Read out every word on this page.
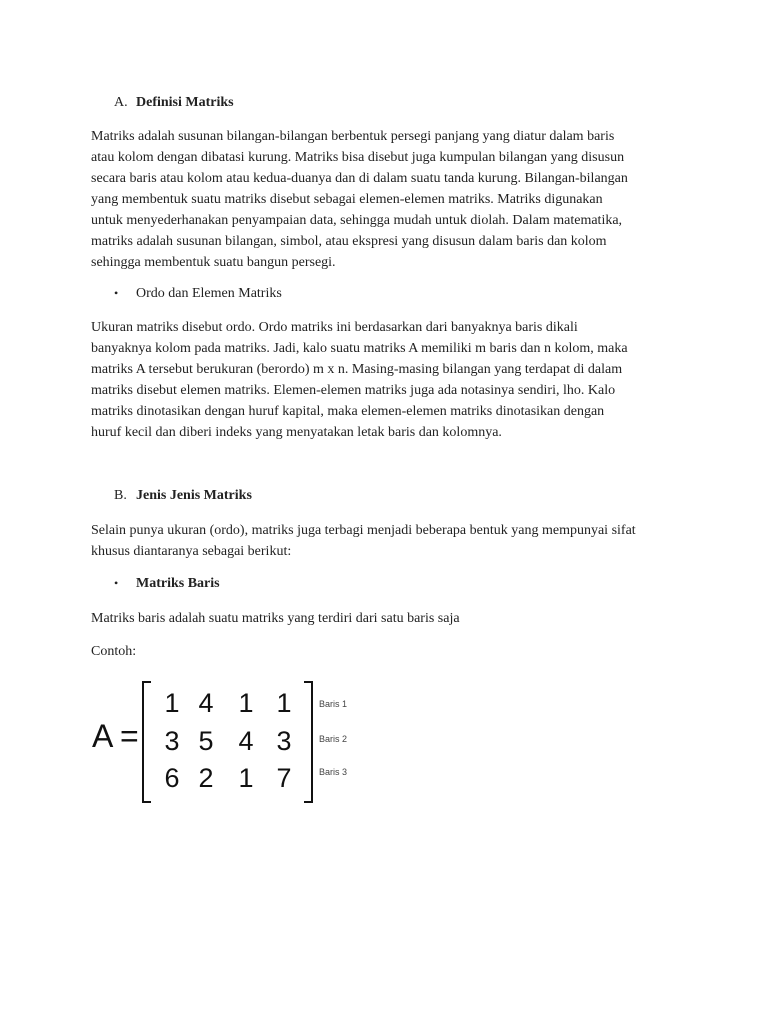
A. Definisi Matriks

Matriks adalah susunan bilangan-bilangan berbentuk persegi panjang yang diatur dalam baris
atau kolom dengan dibatasi kurung. Matriks bisa disebut juga kumpulan bilangan yang disusun
secara baris atau kolom atau kedua-duanya dan di dalam suatu tanda kurung. Bilangan-bilangan
yang membentuk suatu matriks disebut sebagai elemen-elemen matriks. Matriks digunakan
untuk menyederhanakan penyampaian data, sehingga mudah untuk diolah. Dalam matematika,
matriks adalah susunan bilangan, simbol, atau ekspresi yang disusun dalam baris dan kolom
sehingga membentuk suatu bangun persegi.

• Ordo dan Elemen Matriks

Ukuran matriks disebut ordo. Ordo matriks ini berdasarkan dari banyaknya baris dikali
banyaknya kolom pada matriks. Jadi, kalo suatu matriks A memiliki m baris dan n kolom, maka
matriks A tersebut berukuran (berordo) m x n. Masing-masing bilangan yang terdapat di dalam
matriks disebut elemen matriks. Elemen-elemen matriks juga ada notasinya sendiri, lho. Kalo
matriks dinotasikan dengan huruf kapital, maka elemen-elemen matriks dinotasikan dengan
huruf kecil dan diberi indeks yang menyatakan letak baris dan kolomnya.

B. Jenis Jenis Matriks

Selain punya ukuran (ordo), matriks juga terbagi menjadi beberapa bentuk yang mempunyai sifat
khusus diantaranya sebagai berikut:

• Matriks Baris
Matriks baris adalah suatu matriks yang terdiri dari satu baris saja
Contoh:
A =
1 4 1 1	Baris 1
3 5 4 3	Baris 2
6 2 1 7	Baris 3
